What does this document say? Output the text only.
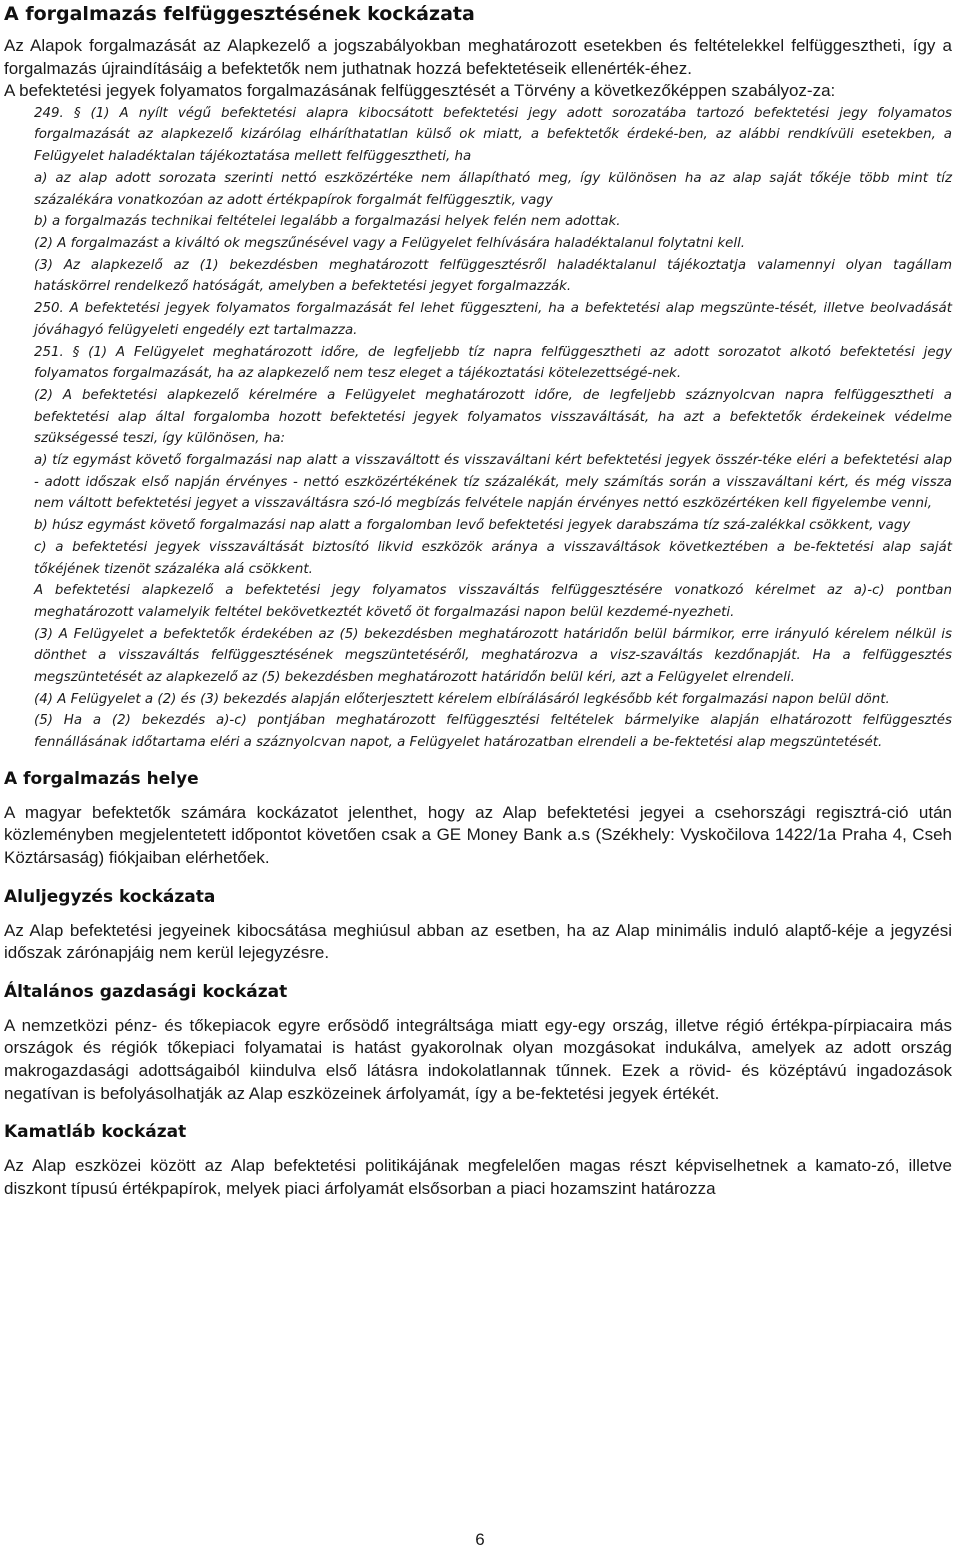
A forgalmazás felfüggesztésének kockázata

Az Alapok forgalmazását az Alapkezelő a jogszabályokban meghatározott esetekben és feltételekkel felfüggesztheti, így a forgalmazás újraindításáig a befektetők nem juthatnak hozzá befektetéseik ellenérték-éhez.

A befektetési jegyek folyamatos forgalmazásának felfüggesztését a Törvény a következőképpen szabályoz-za:

249. § (1) A nyílt végű befektetési alapra kibocsátott befektetési jegy adott sorozatába tartozó befektetési jegy folyamatos forgalmazását az alapkezelő kizárólag elháríthatatlan külső ok miatt, a befektetők érdeké-ben, az alábbi rendkívüli esetekben, a Felügyelet haladéktalan tájékoztatása mellett felfüggesztheti, ha

a) az alap adott sorozata szerinti nettó eszközértéke nem állapítható meg, így különösen ha az alap saját tőkéje több mint tíz százalékára vonatkozóan az adott értékpapírok forgalmát felfüggesztik, vagy

b) a forgalmazás technikai feltételei legalább a forgalmazási helyek felén nem adottak.

(2) A forgalmazást a kiváltó ok megszűnésével vagy a Felügyelet felhívására haladéktalanul folytatni kell.

(3) Az alapkezelő az (1) bekezdésben meghatározott felfüggesztésről haladéktalanul tájékoztatja valamennyi olyan tagállam hatáskörrel rendelkező hatóságát, amelyben a befektetési jegyet forgalmazzák.

250. A befektetési jegyek folyamatos forgalmazását fel lehet függeszteni, ha a befektetési alap megszünte-tését, illetve beolvadását jóváhagyó felügyeleti engedély ezt tartalmazza.

251. § (1) A Felügyelet meghatározott időre, de legfeljebb tíz napra felfüggesztheti az adott sorozatot alkotó befektetési jegy folyamatos forgalmazását, ha az alapkezelő nem tesz eleget a tájékoztatási kötelezettségé-nek.

(2) A befektetési alapkezelő kérelmére a Felügyelet meghatározott időre, de legfeljebb száznyolcvan napra felfüggesztheti a befektetési alap által forgalomba hozott befektetési jegyek folyamatos visszaváltását, ha azt a befektetők érdekeinek védelme szükségessé teszi, így különösen, ha:

a) tíz egymást követő forgalmazási nap alatt a visszaváltott és visszaváltani kért befektetési jegyek összér-téke eléri a befektetési alap - adott időszak első napján érvényes - nettó eszközértékének tíz százalékát, mely számítás során a visszaváltani kért, és még vissza nem váltott befektetési jegyet a visszaváltásra szó-ló megbízás felvétele napján érvényes nettó eszközértéken kell figyelembe venni,

b) húsz egymást követő forgalmazási nap alatt a forgalomban levő befektetési jegyek darabszáma tíz szá-zalékkal csökkent, vagy

c) a befektetési jegyek visszaváltását biztosító likvid eszközök aránya a visszaváltások következtében a be-fektetési alap saját tőkéjének tizenöt százaléka alá csökkent.

A befektetési alapkezelő a befektetési jegy folyamatos visszaváltás felfüggesztésére vonatkozó kérelmet az a)-c) pontban meghatározott valamelyik feltétel bekövetkeztét követő öt forgalmazási napon belül kezdemé-nyezheti.

(3) A Felügyelet a befektetők érdekében az (5) bekezdésben meghatározott határidőn belül bármikor, erre irányuló kérelem nélkül is dönthet a visszaváltás felfüggesztésének megszüntetéséről, meghatározva a visz-szaváltás kezdőnapját. Ha a felfüggesztés megszüntetését az alapkezelő az (5) bekezdésben meghatározott határidőn belül kéri, azt a Felügyelet elrendeli.

(4) A Felügyelet a (2) és (3) bekezdés alapján előterjesztett kérelem elbírálásáról legkésőbb két forgalmazási napon belül dönt.

(5) Ha a (2) bekezdés a)-c) pontjában meghatározott felfüggesztési feltételek bármelyike alapján elhatározott felfüggesztés fennállásának időtartama eléri a száznyolcvan napot, a Felügyelet határozatban elrendeli a be-fektetési alap megszüntetését.

A forgalmazás helye

A magyar befektetők számára kockázatot jelenthet, hogy az Alap befektetési jegyei a csehországi regisztrá-ció után közleményben megjelentetett időpontot követően csak a GE Money Bank a.s (Székhely: Vyskočilova 1422/1a Praha 4, Cseh Köztársaság) fiókjaiban elérhetőek.

Aluljegyzés kockázata

Az Alap befektetési jegyeinek kibocsátása meghiúsul abban az esetben, ha az Alap minimális induló alaptő-kéje a jegyzési időszak zárónapjáig nem kerül lejegyzésre.

Általános gazdasági kockázat

A nemzetközi pénz- és tőkepiacok egyre erősödő integráltsága miatt egy-egy ország, illetve régió értékpa-pírpiacaira más országok és régiók tőkepiaci folyamatai is hatást gyakorolnak olyan mozgásokat indukálva, amelyek az adott ország makrogazdasági adottságaiból kiindulva első látásra indokolatlannak tűnnek. Ezek a rövid- és középtávú ingadozások negatívan is befolyásolhatják az Alap eszközeinek árfolyamát, így a be-fektetési jegyek értékét.

Kamatláb kockázat

Az Alap eszközei között az Alap befektetési politikájának megfelelően magas részt képviselhetnek a kamato-zó, illetve diszkont típusú értékpapírok, melyek piaci árfolyamát elsősorban a piaci hozamszint határozza

6
